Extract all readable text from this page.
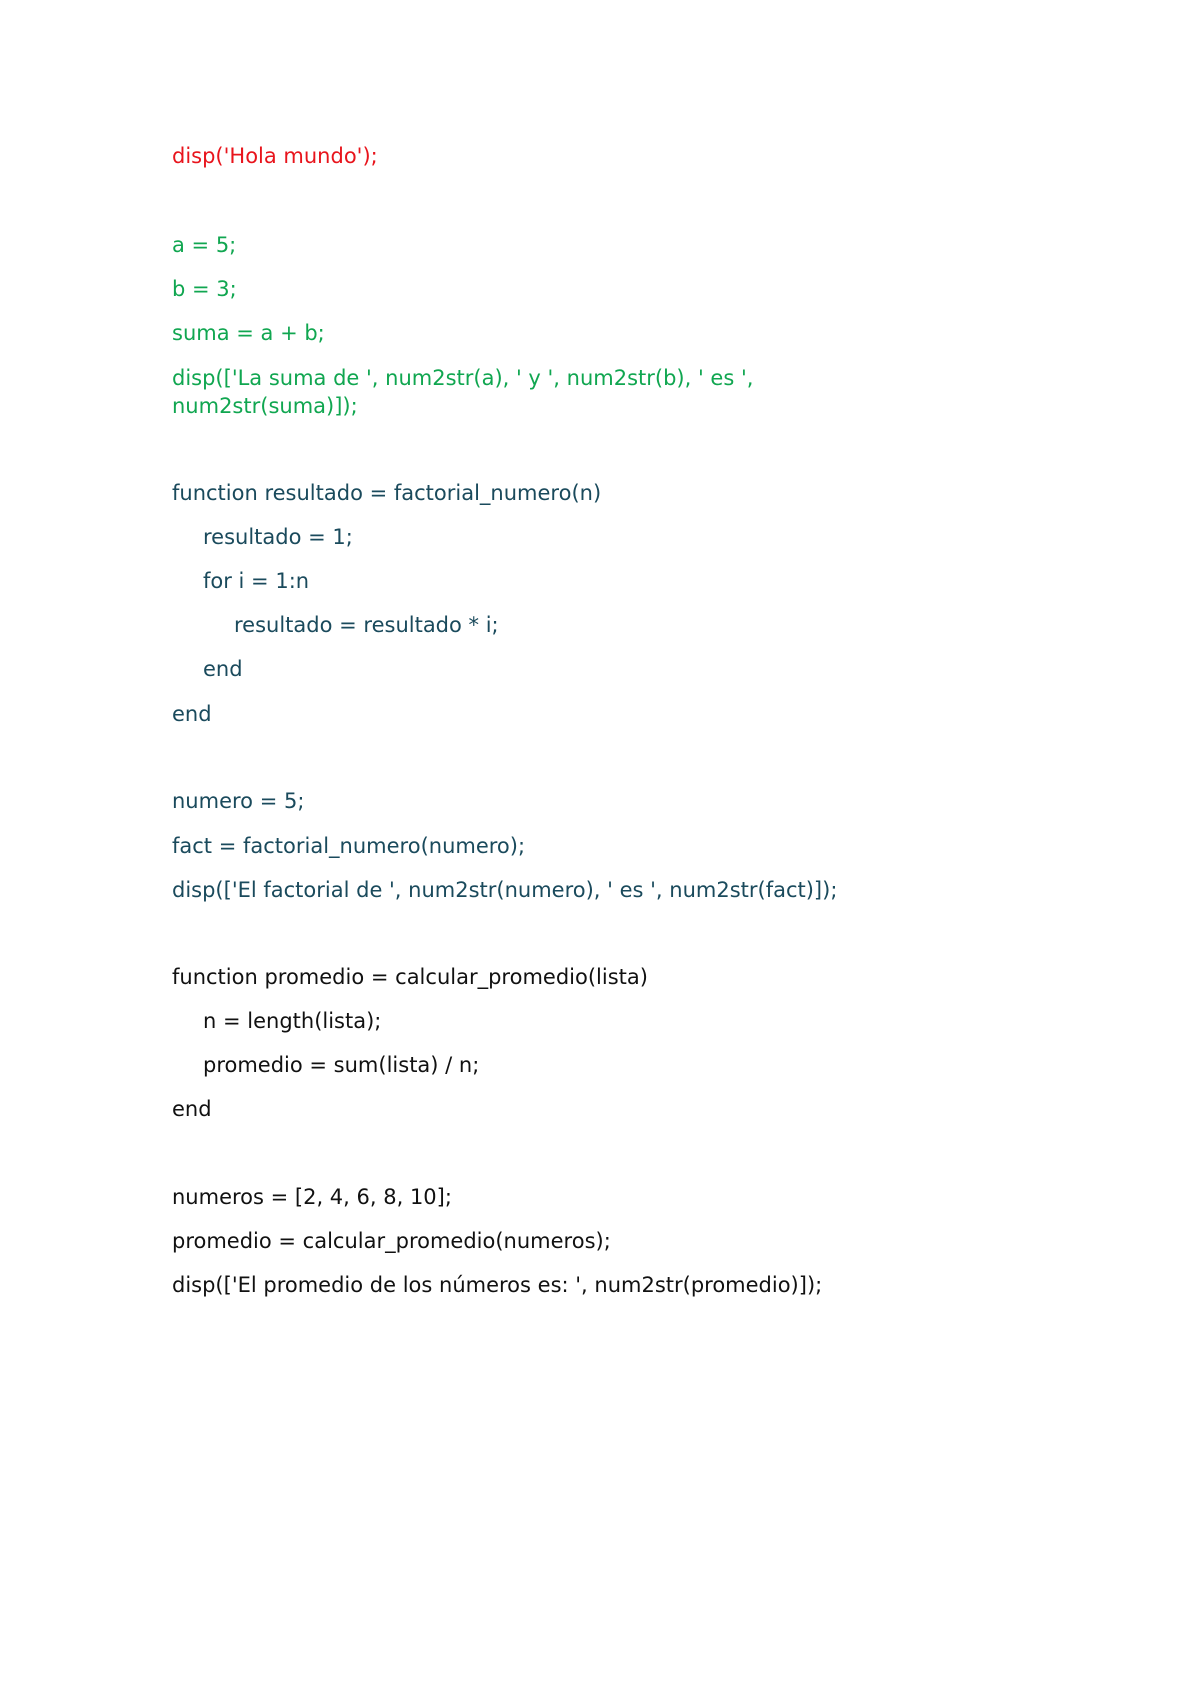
disp('Hola mundo');

a = 5;

b = 3;

suma = a + b;

disp(['La suma de ', num2str(a), ' y ', num2str(b), ' es ',

num2str(suma)]);

function resultado = factorial_numero(n)

resultado = 1;

for i = 1:n

resultado = resultado * i;

end

end

numero = 5;

fact = factorial_numero(numero);

disp(['El factorial de ', num2str(numero), ' es ', num2str(fact)]);

function promedio = calcular_promedio(lista)

n = length(lista);

promedio = sum(lista) / n;

end

numeros = [2, 4, 6, 8, 10];

promedio = calcular_promedio(numeros);

disp(['El promedio de los números es: ', num2str(promedio)]);
